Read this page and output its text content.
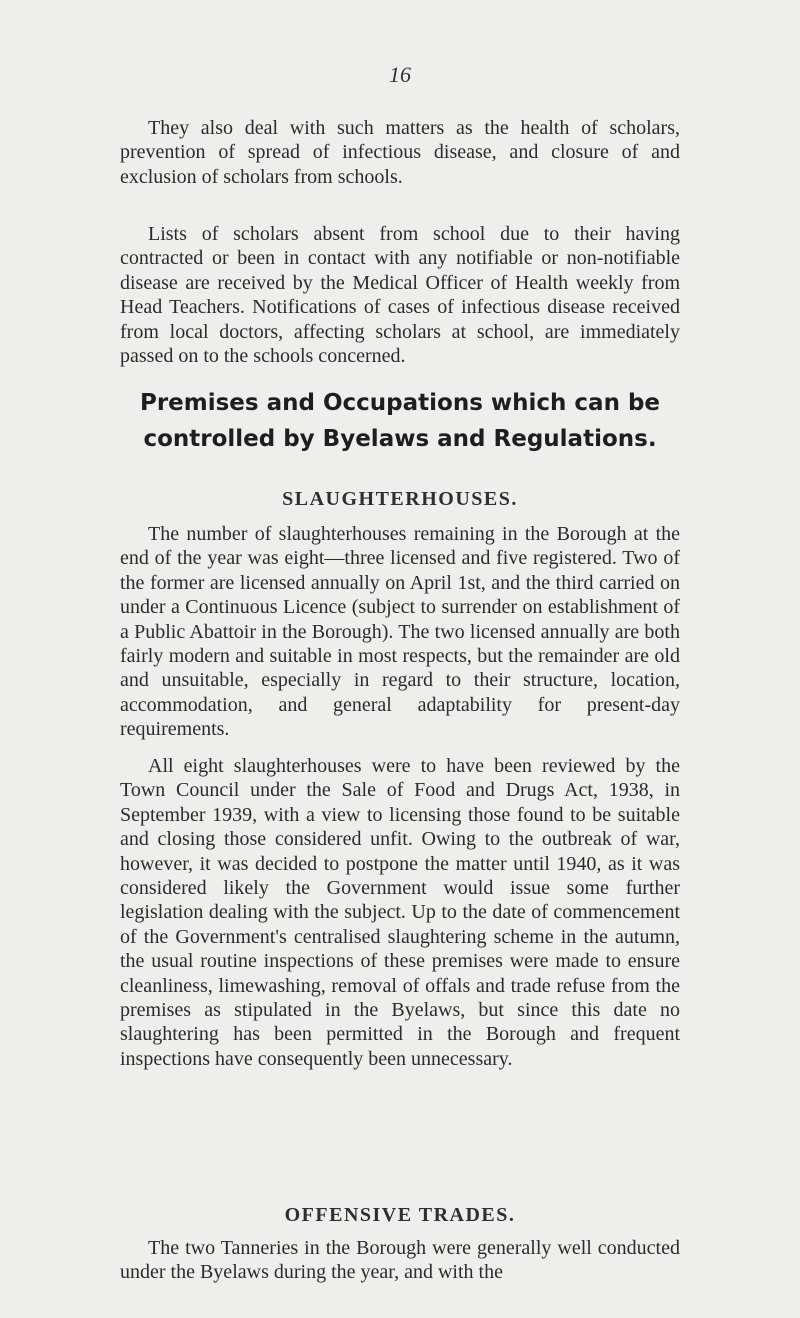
16

They also deal with such matters as the health of scholars, prevention of spread of infectious disease, and closure of and exclusion of scholars from schools.

Lists of scholars absent from school due to their having contracted or been in contact with any notifiable or non-notifiable disease are received by the Medical Officer of Health weekly from Head Teachers. Notifications of cases of infectious disease received from local doctors, affecting scholars at school, are immediately passed on to the schools concerned.

Premises and Occupations which can be controlled by Byelaws and Regulations.
SLAUGHTERHOUSES.

The number of slaughterhouses remaining in the Borough at the end of the year was eight—three licensed and five registered. Two of the former are licensed annually on April 1st, and the third carried on under a Continuous Licence (subject to surrender on establishment of a Public Abattoir in the Borough). The two licensed annually are both fairly modern and suitable in most respects, but the remainder are old and unsuitable, especially in regard to their structure, location, accommodation, and general adaptability for present-day requirements.

All eight slaughterhouses were to have been reviewed by the Town Council under the Sale of Food and Drugs Act, 1938, in September 1939, with a view to licensing those found to be suitable and closing those considered unfit. Owing to the outbreak of war, however, it was decided to postpone the matter until 1940, as it was considered likely the Government would issue some further legislation dealing with the subject. Up to the date of commencement of the Government's centralised slaughtering scheme in the autumn, the usual routine inspections of these premises were made to ensure cleanliness, limewashing, removal of offals and trade refuse from the premises as stipulated in the Byelaws, but since this date no slaughtering has been permitted in the Borough and frequent inspections have consequently been unnecessary.

OFFENSIVE TRADES.

The two Tanneries in the Borough were generally well conducted under the Byelaws during the year, and with the
